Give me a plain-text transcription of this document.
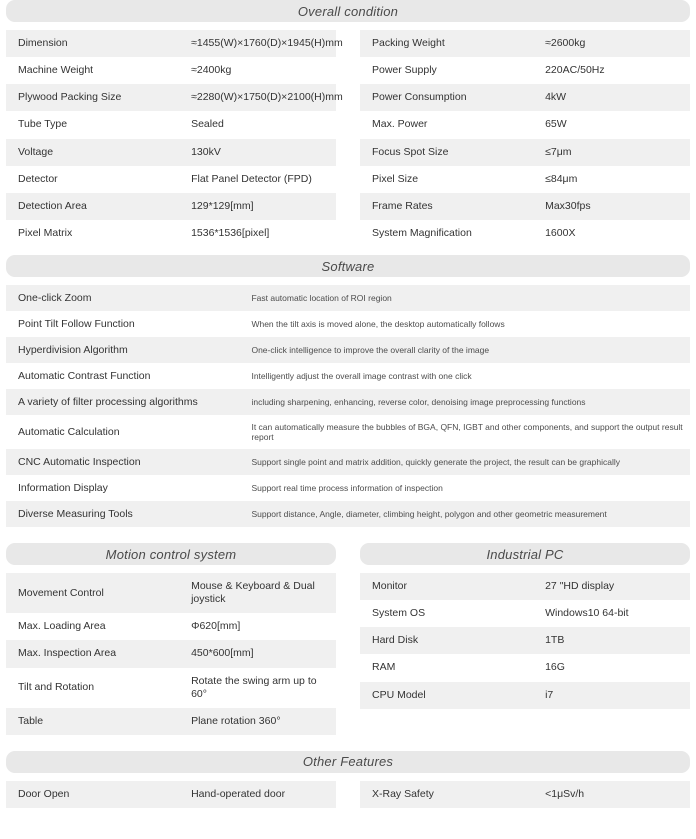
Overall condition
Dimension	≈1455(W)×1760(D)×1945(H)mm
Machine Weight	≈2400kg
Plywood Packing Size	≈2280(W)×1750(D)×2100(H)mm
Tube Type	Sealed
Voltage	130kV
Detector	Flat Panel Detector (FPD)
Detection Area	129*129[mm]
Pixel Matrix	1536*1536[pixel]
Packing Weight	≈2600kg
Power Supply	220AC/50Hz
Power Consumption	4kW
Max. Power	65W
Focus Spot Size	≤7μm
Pixel Size	≤84μm
Frame Rates	Max30fps
System Magnification	1600X
Software
One-click Zoom	Fast automatic location of ROI region
Point Tilt Follow Function	When the tilt axis is moved alone, the desktop automatically follows
Hyperdivision Algorithm	One-click intelligence to improve the overall clarity of the image
Automatic Contrast Function	Intelligently adjust the overall image contrast with one click
A variety of filter processing algorithms	including sharpening, enhancing, reverse color, denoising image preprocessing functions
Automatic Calculation	It can automatically measure the bubbles of BGA, QFN, IGBT and other components, and support the output result report
CNC Automatic Inspection	Support single point and matrix addition, quickly generate the project, the result can be graphically
Information Display	Support real time process information of inspection
Diverse Measuring Tools	Support distance, Angle, diameter, climbing height, polygon and other geometric measurement
Motion control system	Industrial PC
Movement Control	Mouse & Keyboard & Dual joystick
Max. Loading Area	Φ620[mm]
Max. Inspection Area	450*600[mm]
Tilt and Rotation	Rotate the swing arm up to 60°
Table	Plane rotation 360°
Monitor	27 "HD display
System OS	Windows10 64-bit
Hard Disk	1TB
RAM	16G
CPU Model	i7
Other Features
Door Open	Hand-operated door	X-Ray Safety	<1μSv/h
